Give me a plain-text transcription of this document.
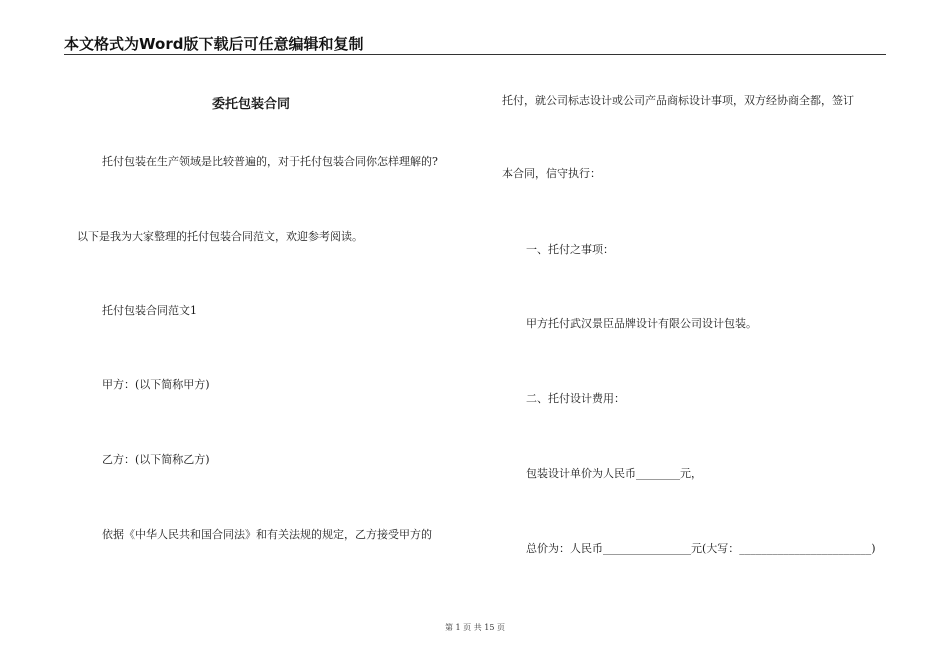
本文格式为Word版下载后可任意编辑和复制
委托包装合同
托付包装在生产领域是比较普遍的，对于托付包装合同你怎样理解的?
以下是我为大家整理的托付包装合同范文，欢迎参考阅读。
托付包装合同范文1
甲方：(以下简称甲方)
乙方：(以下简称乙方)
依据《中华人民共和国合同法》和有关法规的规定，乙方接受甲方的
托付，就公司标志设计或公司产品商标设计事项，双方经协商全都，签订
本合同，信守执行：
一、托付之事项：
甲方托付武汉景臣品牌设计有限公司设计包装。
二、托付设计费用：
包装设计单价为人民币________元，
总价为：人民币________________元(大写：________________________)
第 1 页 共 15 页
